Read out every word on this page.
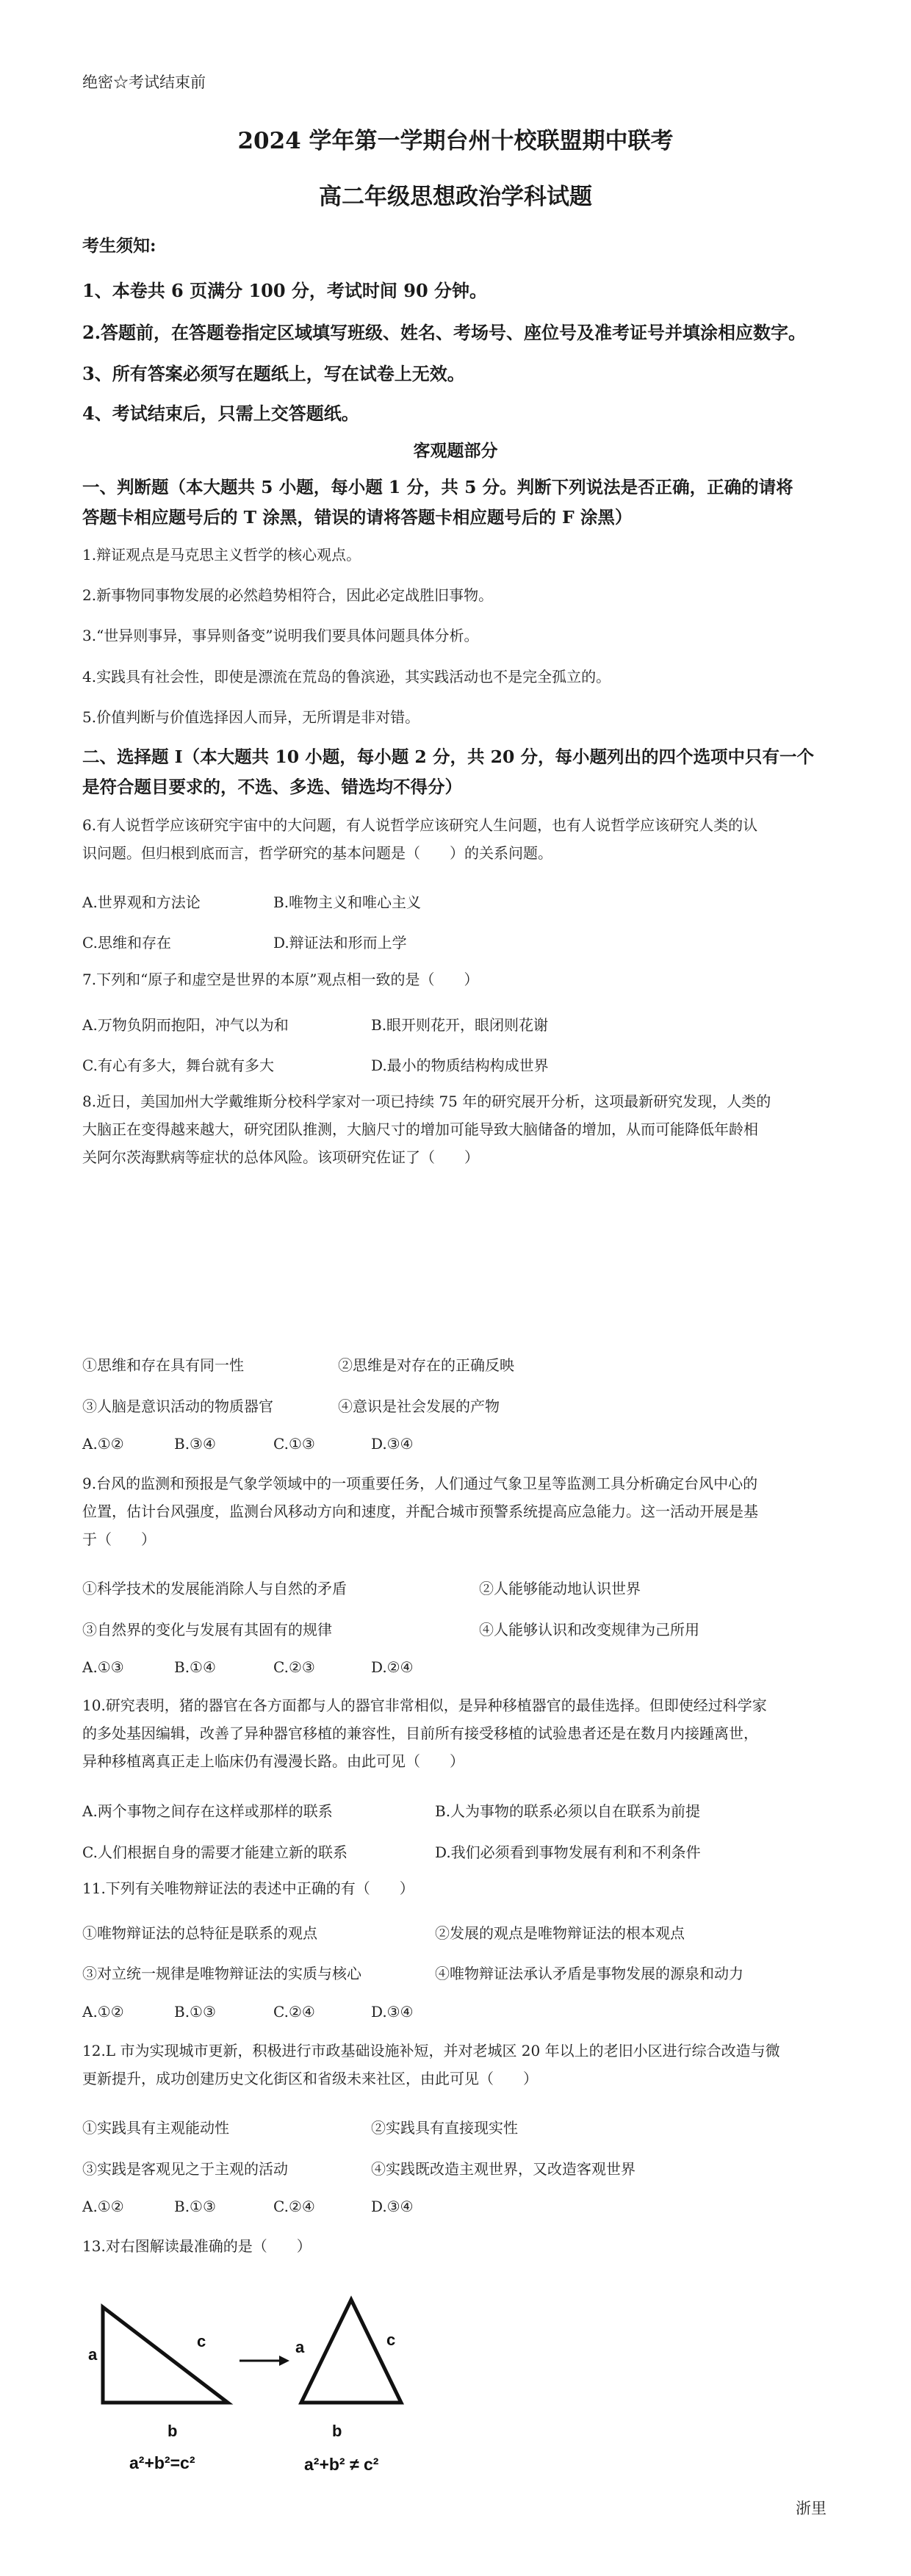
绝密☆考试结束前
2024 学年第一学期台州十校联盟期中联考
高二年级思想政治学科试题
考生须知:
1、本卷共 6 页满分 100 分，考试时间 90 分钟。
2.答题前，在答题卷指定区域填写班级、姓名、考场号、座位号及准考证号并填涂相应数字。
3、所有答案必须写在题纸上，写在试卷上无效。
4、考试结束后，只需上交答题纸。
客观题部分
一、判断题（本大题共 5 小题，每小题 1 分，共 5 分。判断下列说法是否正确，正确的请将
答题卡相应题号后的 T 涂黑，错误的请将答题卡相应题号后的 F 涂黑）
1.辩证观点是马克思主义哲学的核心观点。
2.新事物同事物发展的必然趋势相符合，因此必定战胜旧事物。
3.“世异则事异，事异则备变”说明我们要具体问题具体分析。
4.实践具有社会性，即使是漂流在荒岛的鲁滨逊，其实践活动也不是完全孤立的。
5.价值判断与价值选择因人而异，无所谓是非对错。
二、选择题 I（本大题共 10 小题，每小题 2 分，共 20 分，每小题列出的四个选项中只有一个
是符合题目要求的，不选、多选、错选均不得分）
6.有人说哲学应该研究宇宙中的大问题，有人说哲学应该研究人生问题，也有人说哲学应该研究人类的认
识问题。但归根到底而言，哲学研究的基本问题是（　　）的关系问题。
A.世界观和方法论	B.唯物主义和唯心主义
C.思维和存在	D.辩证法和形而上学
7.下列和“原子和虚空是世界的本原”观点相一致的是（　　）
A.万物负阴而抱阳，冲气以为和	B.眼开则花开，眼闭则花谢
C.有心有多大，舞台就有多大	D.最小的物质结构构成世界
8.近日，美国加州大学戴维斯分校科学家对一项已持续 75 年的研究展开分析，这项最新研究发现，人类的
大脑正在变得越来越大，研究团队推测，大脑尺寸的增加可能导致大脑储备的增加，从而可能降低年龄相
关阿尔茨海默病等症状的总体风险。该项研究佐证了（　　）
①思维和存在具有同一性	②思维是对存在的正确反映
③人脑是意识活动的物质器官	④意识是社会发展的产物
A.①②	B.③④	C.①③	D.③④
9.台风的监测和预报是气象学领域中的一项重要任务，人们通过气象卫星等监测工具分析确定台风中心的
位置，估计台风强度，监测台风移动方向和速度，并配合城市预警系统提高应急能力。这一活动开展是基
于（　　）
①科学技术的发展能消除人与自然的矛盾	②人能够能动地认识世界
③自然界的变化与发展有其固有的规律	④人能够认识和改变规律为己所用
A.①③	B.①④	C.②③	D.②④
10.研究表明，猪的器官在各方面都与人的器官非常相似，是异种移植器官的最佳选择。但即使经过科学家
的多处基因编辑，改善了异种器官移植的兼容性，目前所有接受移植的试验患者还是在数月内接踵离世，
异种移植离真正走上临床仍有漫漫长路。由此可见（　　）
A.两个事物之间存在这样或那样的联系	B.人为事物的联系必须以自在联系为前提
C.人们根据自身的需要才能建立新的联系	D.我们必须看到事物发展有利和不利条件
11.下列有关唯物辩证法的表述中正确的有（　　）
①唯物辩证法的总特征是联系的观点	②发展的观点是唯物辩证法的根本观点
③对立统一规律是唯物辩证法的实质与核心	④唯物辩证法承认矛盾是事物发展的源泉和动力
A.①②	B.①③	C.②④	D.③④
12.L 市为实现城市更新，积极进行市政基础设施补短，并对老城区 20 年以上的老旧小区进行综合改造与微
更新提升，成功创建历史文化街区和省级未来社区，由此可见（　　）
①实践具有主观能动性	②实践具有直接现实性
③实践是客观见之于主观的活动	④实践既改造主观世界，又改造客观世界
A.①②	B.①③	C.②④	D.③④
13.对右图解读最准确的是（　　）
a
c
b
a²+b²=c²
a	c
b
a²+b² ≠ c²
浙里
